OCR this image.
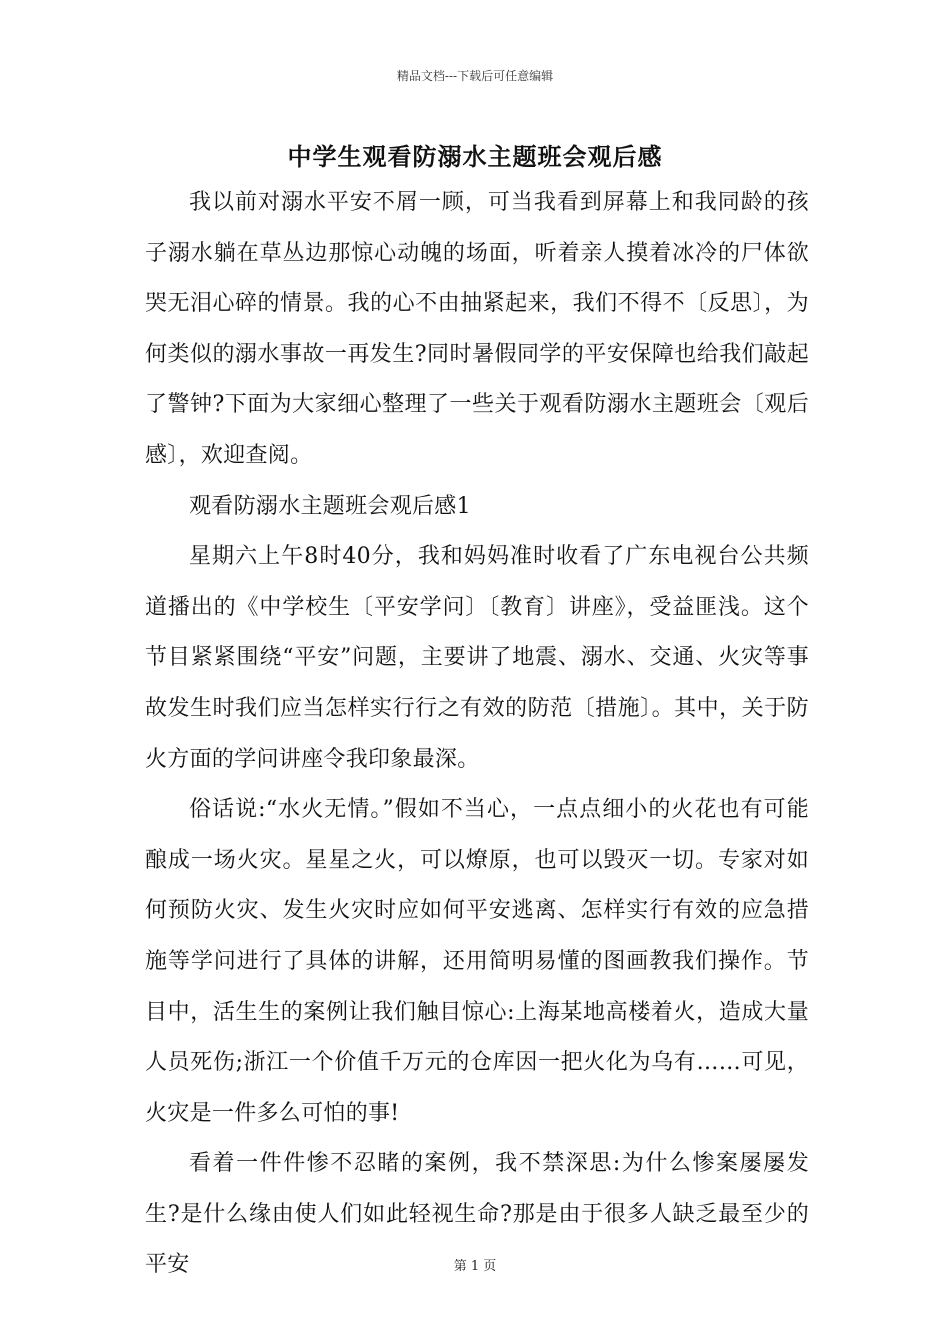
精品文档---下载后可任意编辑
中学生观看防溺水主题班会观后感

我以前对溺水平安不屑一顾，可当我看到屏幕上和我同龄的孩子溺水躺在草丛边那惊心动魄的场面，听着亲人摸着冰冷的尸体欲哭无泪心碎的情景。我的心不由抽紧起来，我们不得不〔反思〕，为何类似的溺水事故一再发生?同时暑假同学的平安保障也给我们敲起了警钟?下面为大家细心整理了一些关于观看防溺水主题班会〔观后感〕，欢迎查阅。

观看防溺水主题班会观后感1

星期六上午8时40分，我和妈妈准时收看了广东电视台公共频道播出的《中学校生〔平安学问〕〔教育〕讲座》，受益匪浅。这个节目紧紧围绕“平安”问题，主要讲了地震、溺水、交通、火灾等事故发生时我们应当怎样实行行之有效的防范〔措施〕。其中，关于防火方面的学问讲座令我印象最深。

俗话说:“水火无情。”假如不当心，一点点细小的火花也有可能酿成一场火灾。星星之火，可以燎原，也可以毁灭一切。专家对如何预防火灾、发生火灾时应如何平安逃离、怎样实行有效的应急措施等学问进行了具体的讲解，还用简明易懂的图画教我们操作。节目中，活生生的案例让我们触目惊心:上海某地高楼着火，造成大量人员死伤;浙江一个价值千万元的仓库因一把火化为乌有……可见，火灾是一件多么可怕的事!

看着一件件惨不忍睹的案例，我不禁深思:为什么惨案屡屡发生?是什么缘由使人们如此轻视生命?那是由于很多人缺乏最至少的平安	第 1 页
